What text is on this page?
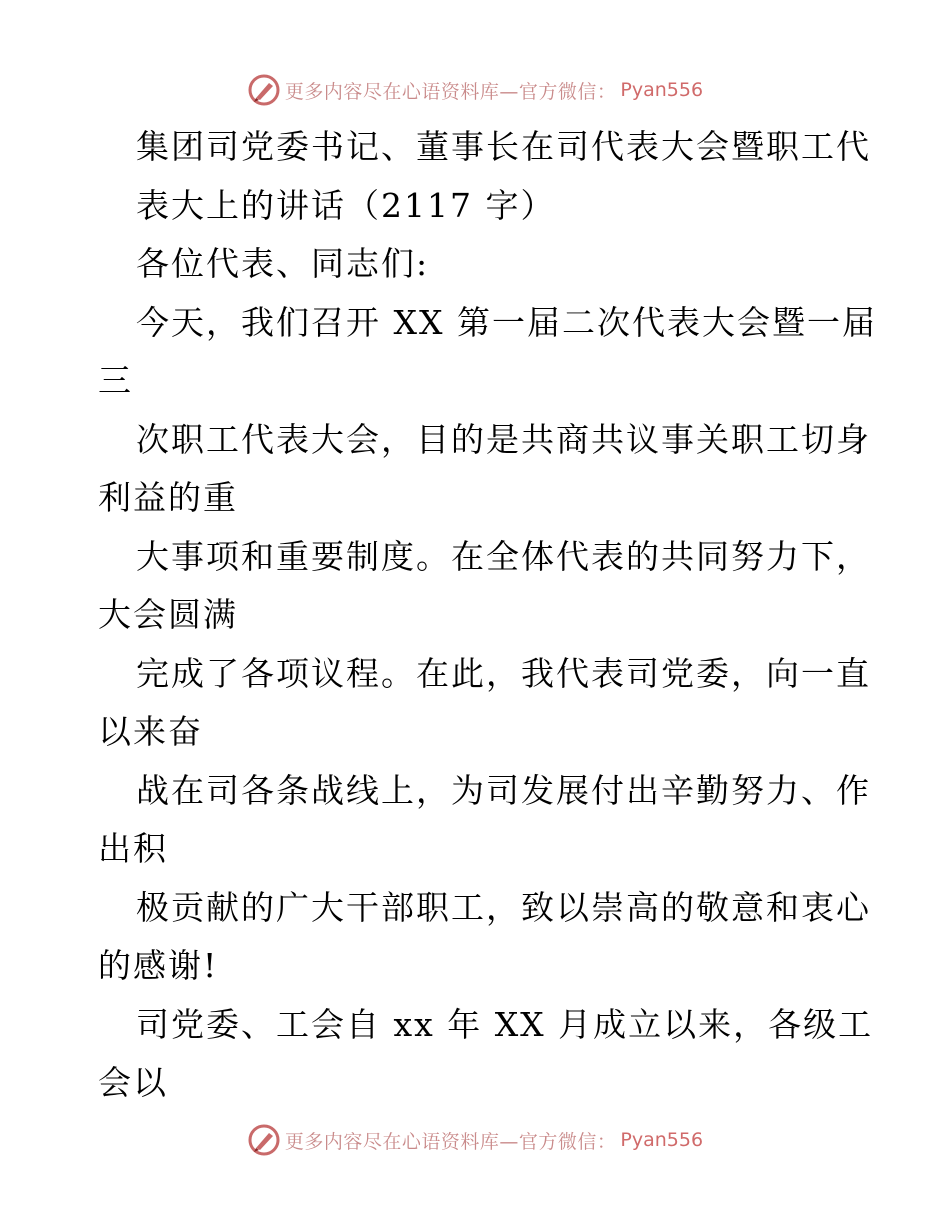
更多内容尽在心语资料库—官方微信： Pyan556
集团司党委书记、董事长在司代表大会暨职工代
表大上的讲话（2117 字）
各位代表、同志们:
今天，我们召开 XX 第一届二次代表大会暨一届
三
次职工代表大会，目的是共商共议事关职工切身
利益的重
大事项和重要制度。在全体代表的共同努力下，
大会圆满
完成了各项议程。在此，我代表司党委，向一直
以来奋
战在司各条战线上，为司发展付出辛勤努力、作
出积
极贡献的广大干部职工，致以崇高的敬意和衷心
的感谢!
司党委、工会自 xx 年 XX 月成立以来，各级工
会以
更多内容尽在心语资料库—官方微信： Pyan556
